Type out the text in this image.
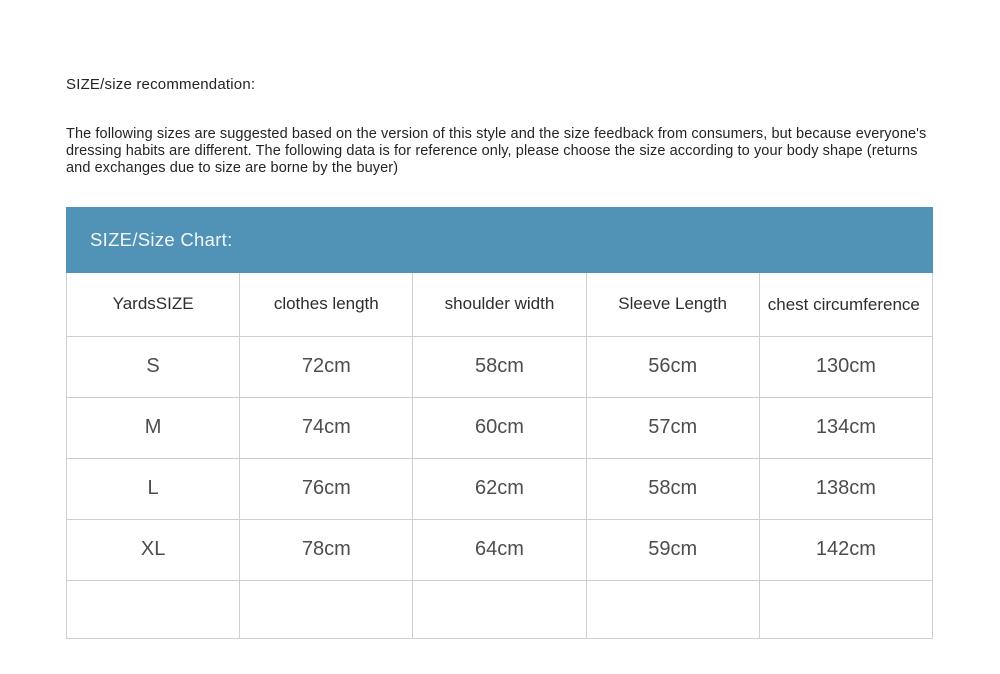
SIZE/size recommendation:
The following sizes are suggested based on the version of this style and the size feedback from consumers, but because everyone's dressing habits are different. The following data is for reference only, please choose the size according to your body shape (returns and exchanges due to size are borne by the buyer)
SIZE/Size Chart:
YardsSIZE	clothes length	shoulder width	Sleeve Length	chest circumference
S	72cm	58cm	56cm	130cm
M	74cm	60cm	57cm	134cm
L	76cm	62cm	58cm	138cm
XL	78cm	64cm	59cm	142cm
